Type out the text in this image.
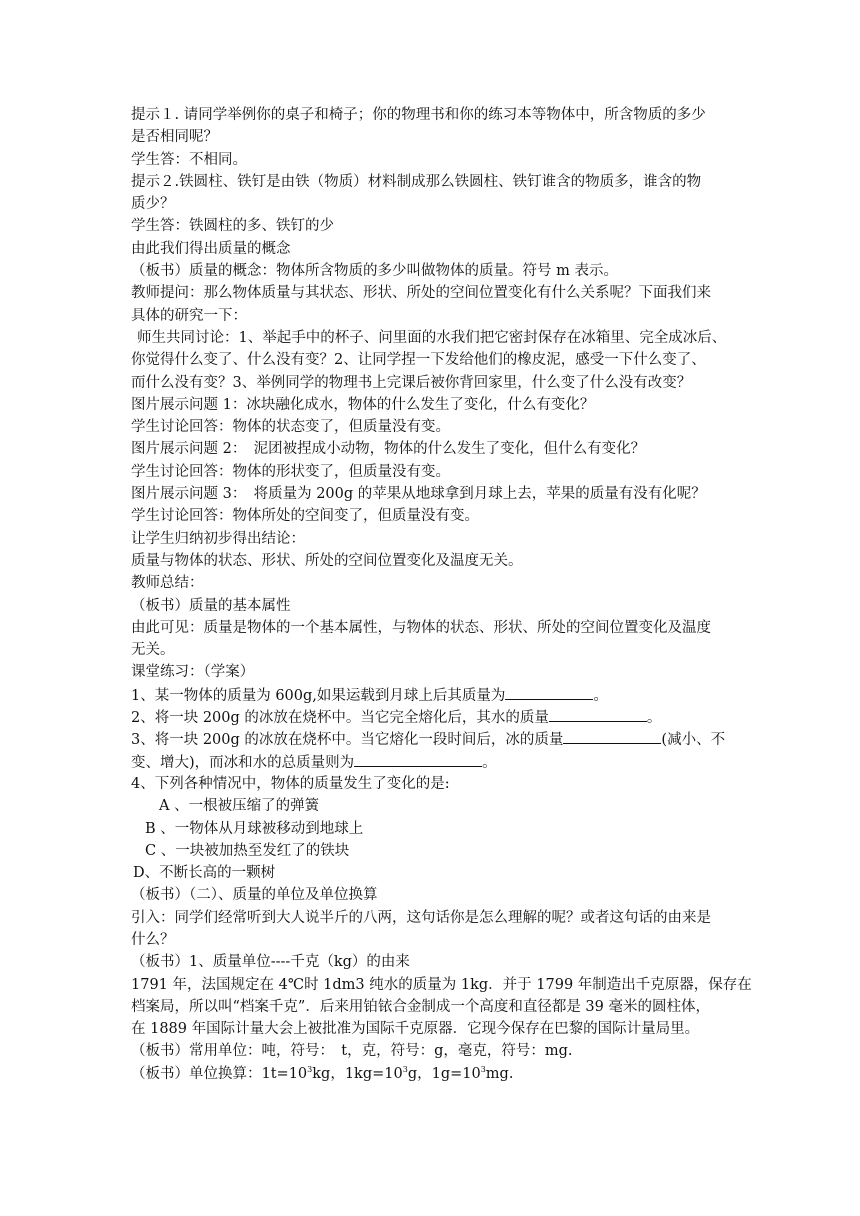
提示１. 请同学举例你的桌子和椅子；你的物理书和你的练习本等物体中，所含物质的多少
是否相同呢？
学生答：不相同。
提示２.铁圆柱、铁钉是由铁（物质）材料制成那么铁圆柱、铁钉谁含的物质多，谁含的物
质少？
学生答：铁圆柱的多、铁钉的少
由此我们得出质量的概念
（板书）质量的概念：物体所含物质的多少叫做物体的质量。符号 m 表示。
教师提问：那么物体质量与其状态、形状、所处的空间位置变化有什么关系呢？下面我们来
具体的研究一下：
师生共同讨论：1、举起手中的杯子、问里面的水我们把它密封保存在冰箱里、完全成冰后、
你觉得什么变了、什么没有变？2、让同学捏一下发给他们的橡皮泥，感受一下什么变了、
而什么没有变？3、举例同学的物理书上完课后被你背回家里，什么变了什么没有改变？
图片展示问题 1：冰块融化成水，物体的什么发生了变化，什么有变化？
学生讨论回答：物体的状态变了，但质量没有变。
图片展示问题 2：　泥团被捏成小动物，物体的什么发生了变化，但什么有变化？
学生讨论回答：物体的形状变了，但质量没有变。
图片展示问题 3：　将质量为 200g 的苹果从地球拿到月球上去，苹果的质量有没有化呢？
学生讨论回答：物体所处的空间变了，但质量没有变。
让学生归纳初步得出结论：
质量与物体的状态、形状、所处的空间位置变化及温度无关。
教师总结：
（板书）质量的基本属性
由此可见：质量是物体的一个基本属性，与物体的状态、形状、所处的空间位置变化及温度
无关。
课堂练习：（学案）
1、某一物体的质量为 600g,如果运载到月球上后其质量为	。
2、将一块 200g 的冰放在烧杯中。当它完全熔化后，其水的质量	。
3、将一块 200g 的冰放在烧杯中。当它熔化一段时间后，冰的质量	(减小、不
变、增大)，而冰和水的总质量则为	。
4、下列各种情况中，物体的质量发生了变化的是:
A 、一根被压缩了的弹簧
B 、一物体从月球被移动到地球上
C 、一块被加热至发红了的铁块
D、不断长高的一颗树
（板书）（二）、质量的单位及单位换算
引入：同学们经常听到大人说半斤的八两，这句话你是怎么理解的呢？或者这句话的由来是
什么？
（板书）1、质量单位----千克（kg）的由来
1791 年，法国规定在 4℃时 1dm3 纯水的质量为 1kg．并于 1799 年制造出千克原器，保存在
档案局，所以叫“档案千克”．后来用铂铱合金制成一个高度和直径都是 39 毫米的圆柱体，
在 1889 年国际计量大会上被批准为国际千克原器．它现今保存在巴黎的国际计量局里。
（板书）常用单位：吨，符号：　t，克，符号：g，毫克，符号：mg.
（板书）单位换算：$1t=10^3kg$，$1kg=10^3g$，$1g=10^3mg$.
